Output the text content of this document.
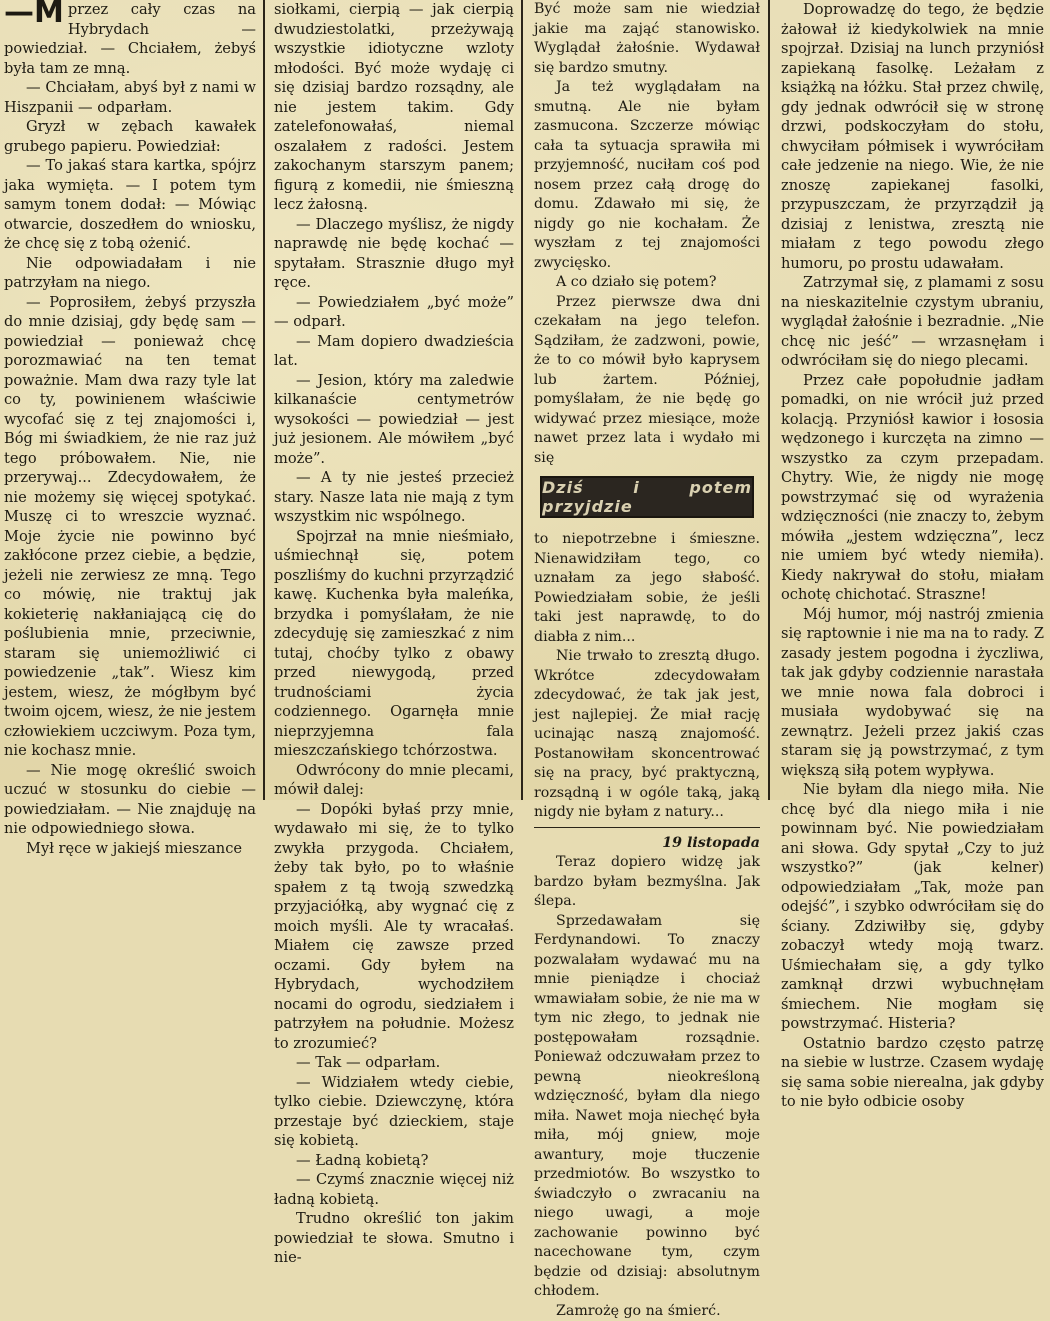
—M przez cały czas na Hybrydach — powiedział. — Chciałem, żebyś była tam ze mną.

— Chciałam, abyś był z nami w Hiszpanii — odparłam.

Gryzł w zębach kawałek grubego papieru. Powiedział:

— To jakaś stara kartka, spójrz jaka wymięta. — I potem tym samym tonem dodał: — Mówiąc otwarcie, doszedłem do wniosku, że chcę się z tobą ożenić.

Nie odpowiadałam i nie patrzyłam na niego.

— Poprosiłem, żebyś przyszła do mnie dzisiaj, gdy będę sam — powiedział — ponieważ chcę porozmawiać na ten temat poważnie. Mam dwa razy tyle lat co ty, powinienem właściwie wycofać się z tej znajomości i, Bóg mi świadkiem, że nie raz już tego próbowałem. Nie, nie przerywaj... Zdecydowałem, że nie możemy się więcej spotykać. Muszę ci to wreszcie wyznać. Moje życie nie powinno być zakłócone przez ciebie, a będzie, jeżeli nie zerwiesz ze mną. Tego co mówię, nie traktuj jak kokieterię nakłaniającą cię do poślubienia mnie, przeciwnie, staram się uniemożliwić ci powiedzenie „tak”. Wiesz kim jestem, wiesz, że mógłbym być twoim ojcem, wiesz, że nie jestem człowiekiem uczciwym. Poza tym, nie kochasz mnie.

— Nie mogę określić swoich uczuć w stosunku do ciebie — powiedziałam. — Nie znajduję na nie odpowiedniego słowa.

Mył ręce w jakiejś mieszance

siołkami, cierpią — jak cierpią dwudziestolatki, przeżywają wszystkie idiotyczne wzloty młodości. Być może wydaję ci się dzisiaj bardzo rozsądny, ale nie jestem takim. Gdy zatelefonowałaś, niemal oszalałem z radości. Jestem zakochanym starszym panem; figurą z komedii, nie śmieszną lecz żałosną.

— Dlaczego myślisz, że nigdy naprawdę nie będę kochać — spytałam. Strasznie długo mył ręce.

— Powiedziałem „być może” — odparł.

— Mam dopiero dwadzieścia lat.

— Jesion, który ma zaledwie kilkanaście centymetrów wysokości — powiedział — jest już jesionem. Ale mówiłem „być może”.

— A ty nie jesteś przecież stary. Nasze lata nie mają z tym wszystkim nic wspólnego.

Spojrzał na mnie nieśmiało, uśmiechnął się, potem poszliśmy do kuchni przyrządzić kawę. Kuchenka była maleńka, brzydka i pomyślałam, że nie zdecyduję się zamieszkać z nim tutaj, choćby tylko z obawy przed niewygodą, przed trudnościami życia codziennego. Ogarnęła mnie nieprzyjemna fala mieszczańskiego tchórzostwa.

Odwrócony do mnie plecami, mówił dalej:

— Dopóki byłaś przy mnie, wydawało mi się, że to tylko zwykła przygoda. Chciałem, żeby tak było, po to właśnie spałem z tą twoją szwedzką przyjaciółką, aby wygnać cię z moich myśli. Ale ty wracałaś. Miałem cię zawsze przed oczami. Gdy byłem na Hybrydach, wychodziłem nocami do ogrodu, siedziałem i patrzyłem na południe. Możesz to zrozumieć?

— Tak — odparłam.

— Widziałem wtedy ciebie, tylko ciebie. Dziewczynę, która przestaje być dzieckiem, staje się kobietą.

— Ładną kobietą?

— Czymś znacznie więcej niż ładną kobietą.

Trudno określić ton jakim powiedział te słowa. Smutno i nie-

Być może sam nie wiedział jakie ma zająć stanowisko. Wyglądał żałośnie. Wydawał się bardzo smutny.

Ja też wyglądałam na smutną. Ale nie byłam zasmucona. Szczerze mówiąc cała ta sytuacja sprawiła mi przyjemność, nuciłam coś pod nosem przez całą drogę do domu. Zdawało mi się, że nigdy go nie kochałam. Że wyszłam z tej znajomości zwycięsko.

A co działo się potem?

Przez pierwsze dwa dni czekałam na jego telefon. Sądziłam, że zadzwoni, powie, że to co mówił było kaprysem lub żartem. Później, pomyślałam, że nie będę go widywać przez miesiące, może nawet przez lata i wydało mi się

Dziś i potem przyjdzie

to niepotrzebne i śmieszne. Nienawidziłam tego, co uznałam za jego słabość. Powiedziałam sobie, że jeśli taki jest naprawdę, to do diabła z nim...

Nie trwało to zresztą długo. Wkrótce zdecydowałam zdecydować, że tak jak jest, jest najlepiej. Że miał rację ucinając naszą znajomość. Postanowiłam skoncentrować się na pracy, być praktyczną, rozsądną i w ogóle taką, jaką nigdy nie byłam z natury...

19 listopada

Teraz dopiero widzę jak bardzo byłam bezmyślna. Jak ślepa.

Sprzedawałam się Ferdynandowi. To znaczy pozwalałam wydawać mu na mnie pieniądze i chociaż wmawiałam sobie, że nie ma w tym nic złego, to jednak nie postępowałam rozsądnie. Ponieważ odczuwałam przez to pewną nieokreśloną wdzięczność, byłam dla niego miła. Nawet moja niechęć była miła, mój gniew, moje awantury, moje tłuczenie przedmiotów. Bo wszystko to świadczyło o zwracaniu na niego uwagi, a moje zachowanie powinno być nacechowane tym, czym będzie od dzisiaj: absolutnym chłodem.

Zamrożę go na śmierć.

Doprowadzę do tego, że będzie żałował iż kiedykolwiek na mnie spojrzał. Dzisiaj na lunch przyniósł zapiekaną fasolkę. Leżałam z książką na łóżku. Stał przez chwilę, gdy jednak odwrócił się w stronę drzwi, podskoczyłam do stołu, chwyciłam półmisek i wywróciłam całe jedzenie na niego. Wie, że nie znoszę zapiekanej fasolki, przypuszczam, że przyrządził ją dzisiaj z lenistwa, zresztą nie miałam z tego powodu złego humoru, po prostu udawałam.

Zatrzymał się, z plamami z sosu na nieskazitelnie czystym ubraniu, wyglądał żałośnie i bezradnie. „Nie chcę nic jeść” — wrzasnęłam i odwróciłam się do niego plecami.

Przez całe popołudnie jadłam pomadki, on nie wrócił już przed kolacją. Przyniósł kawior i łososia wędzonego i kurczęta na zimno — wszystko za czym przepadam. Chytry. Wie, że nigdy nie mogę powstrzymać się od wyrażenia wdzięczności (nie znaczy to, żebym mówiła „jestem wdzięczna”, lecz nie umiem być wtedy niemiła). Kiedy nakrywał do stołu, miałam ochotę chichotać. Straszne!

Mój humor, mój nastrój zmienia się raptownie i nie ma na to rady. Z zasady jestem pogodna i życzliwa, tak jak gdyby codziennie narastała we mnie nowa fala dobroci i musiała wydobywać się na zewnątrz. Jeżeli przez jakiś czas staram się ją powstrzymać, z tym większą siłą potem wypływa.

Nie byłam dla niego miła. Nie chcę być dla niego miła i nie powinnam być. Nie powiedziałam ani słowa. Gdy spytał „Czy to już wszystko?” (jak kelner) odpowiedziałam „Tak, może pan odejść”, i szybko odwróciłam się do ściany. Zdziwiłby się, gdyby zobaczył wtedy moją twarz. Uśmiechałam się, a gdy tylko zamknął drzwi wybuchnęłam śmiechem. Nie mogłam się powstrzymać. Histeria?

Ostatnio bardzo często patrzę na siebie w lustrze. Czasem wydaję się sama sobie nierealna, jak gdyby to nie było odbicie osoby
